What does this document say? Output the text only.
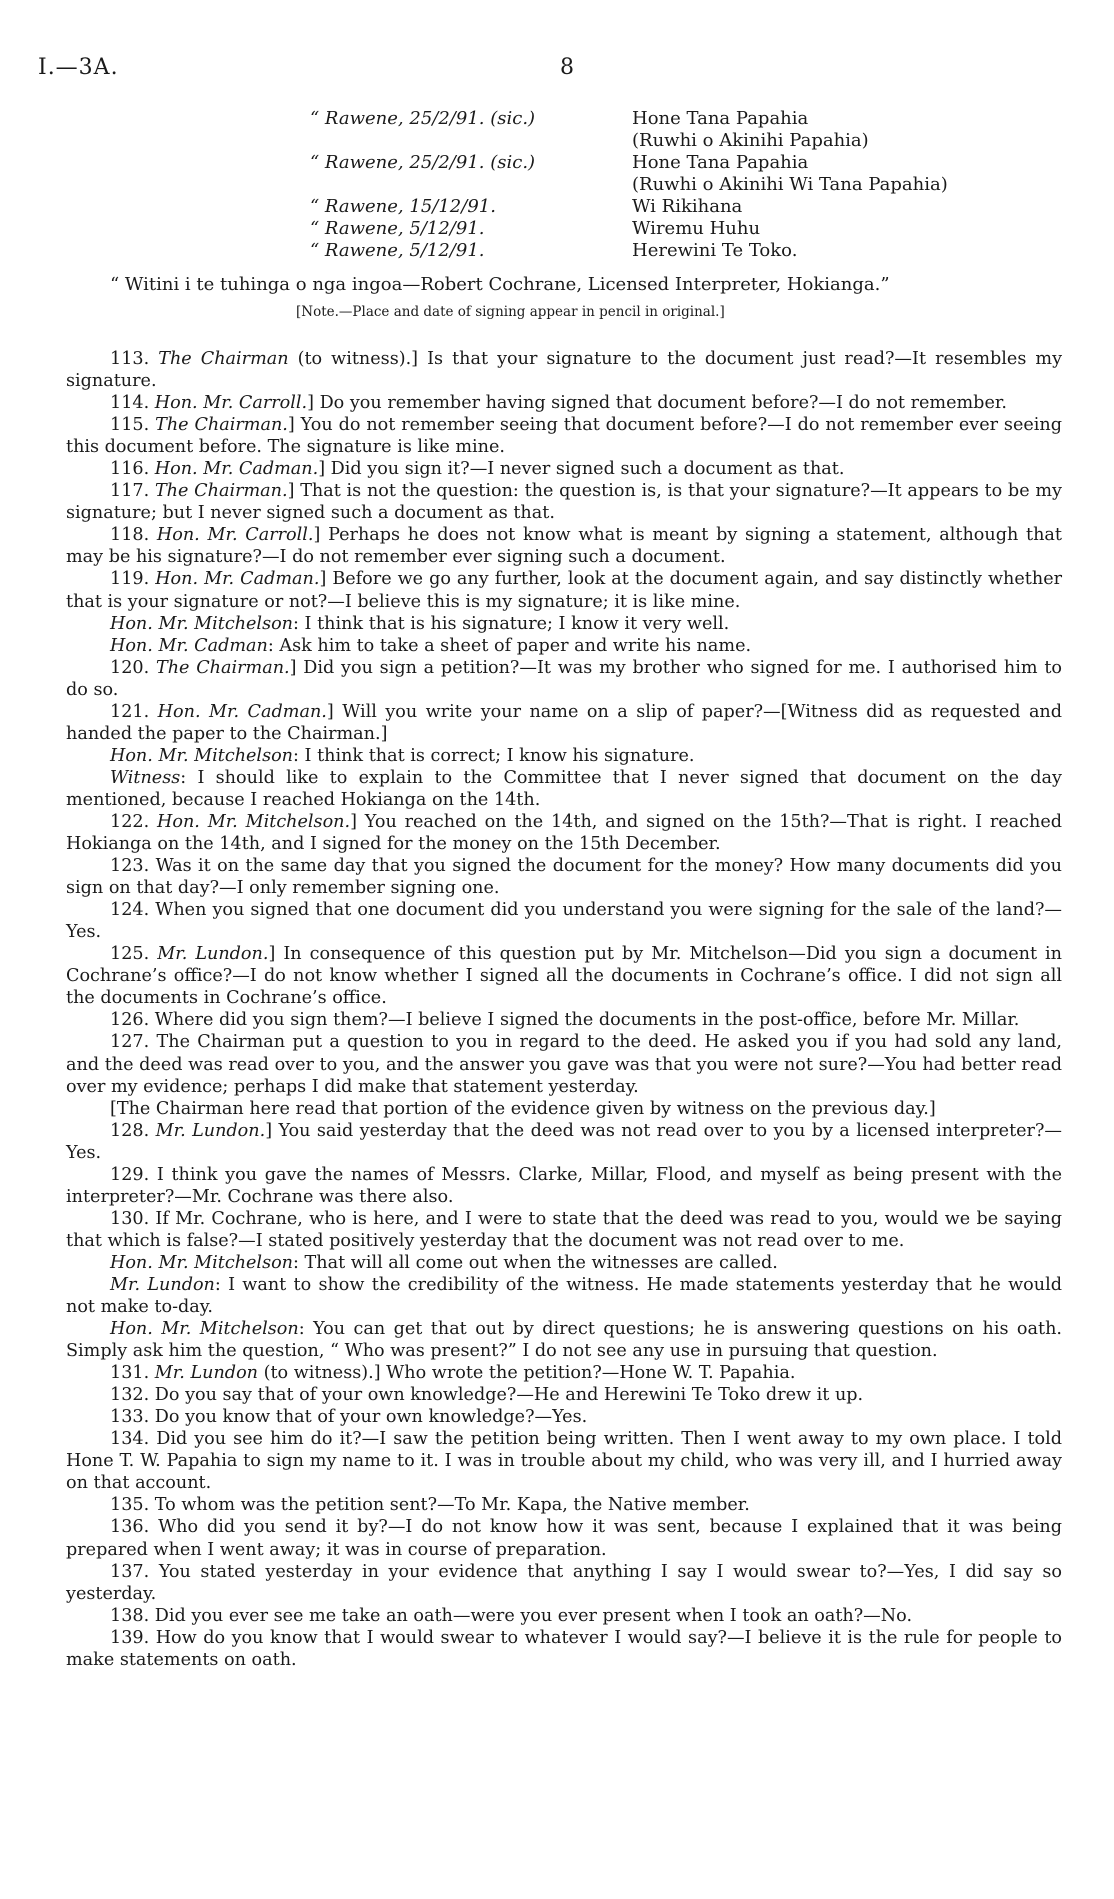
I.—3A.	8
“ Rawene, 25/2/91. (sic.)	Hone Tana Papahia
(Ruwhi o Akinihi Papahia)
“ Rawene, 25/2/91. (sic.)	Hone Tana Papahia
(Ruwhi o Akinihi Wi Tana Papahia)
“ Rawene, 15/12/91.	Wi Rikihana
“ Rawene, 5/12/91.	Wiremu Huhu
“ Rawene, 5/12/91.	Herewini Te Toko.
“ Witini i te tuhinga o nga ingoa—Robert Cochrane, Licensed Interpreter, Hokianga.”
[Note.—Place and date of signing appear in pencil in original.]

113. The Chairman (to witness).] Is that your signature to the document just read?—It resembles my signature.

114. Hon. Mr. Carroll.] Do you remember having signed that document before?—I do not remember.

115. The Chairman.] You do not remember seeing that document before?—I do not remember ever seeing this document before. The signature is like mine.

116. Hon. Mr. Cadman.] Did you sign it?—I never signed such a document as that.

117. The Chairman.] That is not the question: the question is, is that your signature?—It appears to be my signature; but I never signed such a document as that.

118. Hon. Mr. Carroll.] Perhaps he does not know what is meant by signing a statement, although that may be his signature?—I do not remember ever signing such a document.

119. Hon. Mr. Cadman.] Before we go any further, look at the document again, and say distinctly whether that is your signature or not?—I believe this is my signature; it is like mine.

Hon. Mr. Mitchelson: I think that is his signature; I know it very well.

Hon. Mr. Cadman: Ask him to take a sheet of paper and write his name.

120. The Chairman.] Did you sign a petition?—It was my brother who signed for me. I authorised him to do so.

121. Hon. Mr. Cadman.] Will you write your name on a slip of paper?—[Witness did as requested and handed the paper to the Chairman.]

Hon. Mr. Mitchelson: I think that is correct; I know his signature.

Witness: I should like to explain to the Committee that I never signed that document on the day mentioned, because I reached Hokianga on the 14th.

122. Hon. Mr. Mitchelson.] You reached on the 14th, and signed on the 15th?—That is right. I reached Hokianga on the 14th, and I signed for the money on the 15th December.

123. Was it on the same day that you signed the document for the money? How many documents did you sign on that day?—I only remember signing one.

124. When you signed that one document did you understand you were signing for the sale of the land?—Yes.

125. Mr. Lundon.] In consequence of this question put by Mr. Mitchelson—Did you sign a document in Cochrane’s office?—I do not know whether I signed all the documents in Cochrane’s office. I did not sign all the documents in Cochrane’s office.

126. Where did you sign them?—I believe I signed the documents in the post-office, before Mr. Millar.

127. The Chairman put a question to you in regard to the deed. He asked you if you had sold any land, and the deed was read over to you, and the answer you gave was that you were not sure?—You had better read over my evidence; perhaps I did make that statement yesterday.

[The Chairman here read that portion of the evidence given by witness on the previous day.]

128. Mr. Lundon.] You said yesterday that the deed was not read over to you by a licensed interpreter?—Yes.

129. I think you gave the names of Messrs. Clarke, Millar, Flood, and myself as being present with the interpreter?—Mr. Cochrane was there also.

130. If Mr. Cochrane, who is here, and I were to state that the deed was read to you, would we be saying that which is false?—I stated positively yesterday that the document was not read over to me.

Hon. Mr. Mitchelson: That will all come out when the witnesses are called.

Mr. Lundon: I want to show the credibility of the witness. He made statements yesterday that he would not make to-day.

Hon. Mr. Mitchelson: You can get that out by direct questions; he is answering questions on his oath. Simply ask him the question, “ Who was present?” I do not see any use in pursuing that question.

131. Mr. Lundon (to witness).] Who wrote the petition?—Hone W. T. Papahia.

132. Do you say that of your own knowledge?—He and Herewini Te Toko drew it up.

133. Do you know that of your own knowledge?—Yes.

134. Did you see him do it?—I saw the petition being written. Then I went away to my own place. I told Hone T. W. Papahia to sign my name to it. I was in trouble about my child, who was very ill, and I hurried away on that account.

135. To whom was the petition sent?—To Mr. Kapa, the Native member.

136. Who did you send it by?—I do not know how it was sent, because I explained that it was being prepared when I went away; it was in course of preparation.

137. You stated yesterday in your evidence that anything I say I would swear to?—Yes, I did say so yesterday.

138. Did you ever see me take an oath—were you ever present when I took an oath?—No.

139. How do you know that I would swear to whatever I would say?—I believe it is the rule for people to make statements on oath.
